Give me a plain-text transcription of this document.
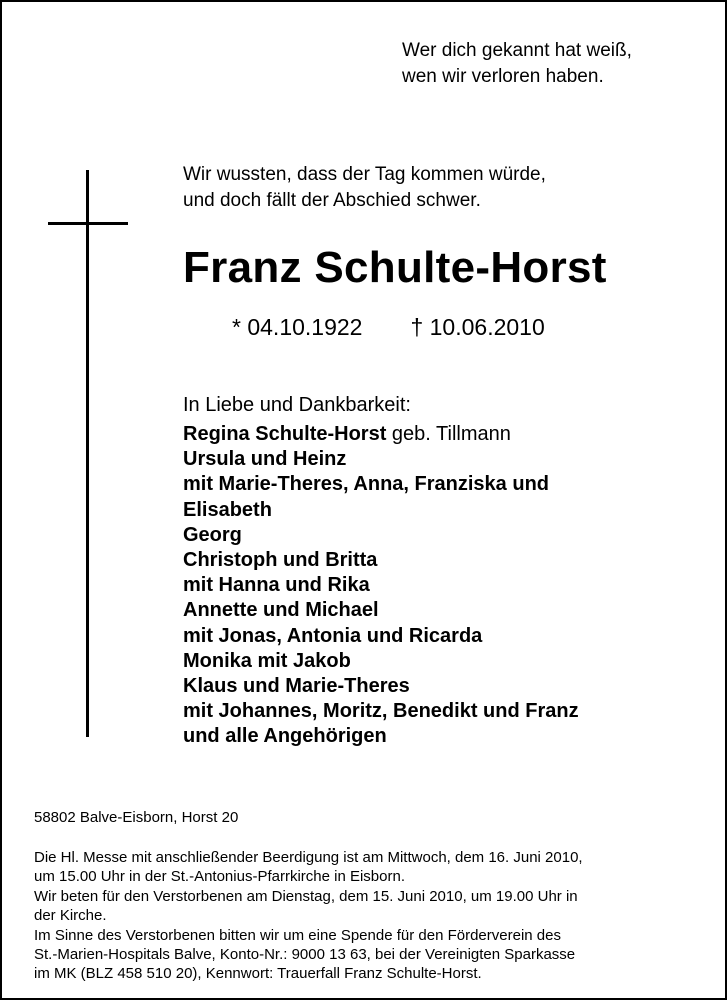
Wer dich gekannt hat weiß,
wen wir verloren haben.
Wir wussten, dass der Tag kommen würde,
und doch fällt der Abschied schwer.
Franz Schulte-Horst
* 04.10.1922 † 10.06.2010
In Liebe und Dankbarkeit:
Regina Schulte-Horst geb. Tillmann
Ursula und Heinz
mit Marie-Theres, Anna, Franziska und
Elisabeth
Georg
Christoph und Britta
mit Hanna und Rika
Annette und Michael
mit Jonas, Antonia und Ricarda
Monika mit Jakob
Klaus und Marie-Theres
mit Johannes, Moritz, Benedikt und Franz
und alle Angehörigen
58802 Balve-Eisborn, Horst 20
Die Hl. Messe mit anschließender Beerdigung ist am Mittwoch, dem 16. Juni 2010,
um 15.00 Uhr in der St.-Antonius-Pfarrkirche in Eisborn.
Wir beten für den Verstorbenen am Dienstag, dem 15. Juni 2010, um 19.00 Uhr in
der Kirche.
Im Sinne des Verstorbenen bitten wir um eine Spende für den Förderverein des
St.-Marien-Hospitals Balve, Konto-Nr.: 9000 13 63, bei der Vereinigten Sparkasse
im MK (BLZ 458 510 20), Kennwort: Trauerfall Franz Schulte-Horst.
